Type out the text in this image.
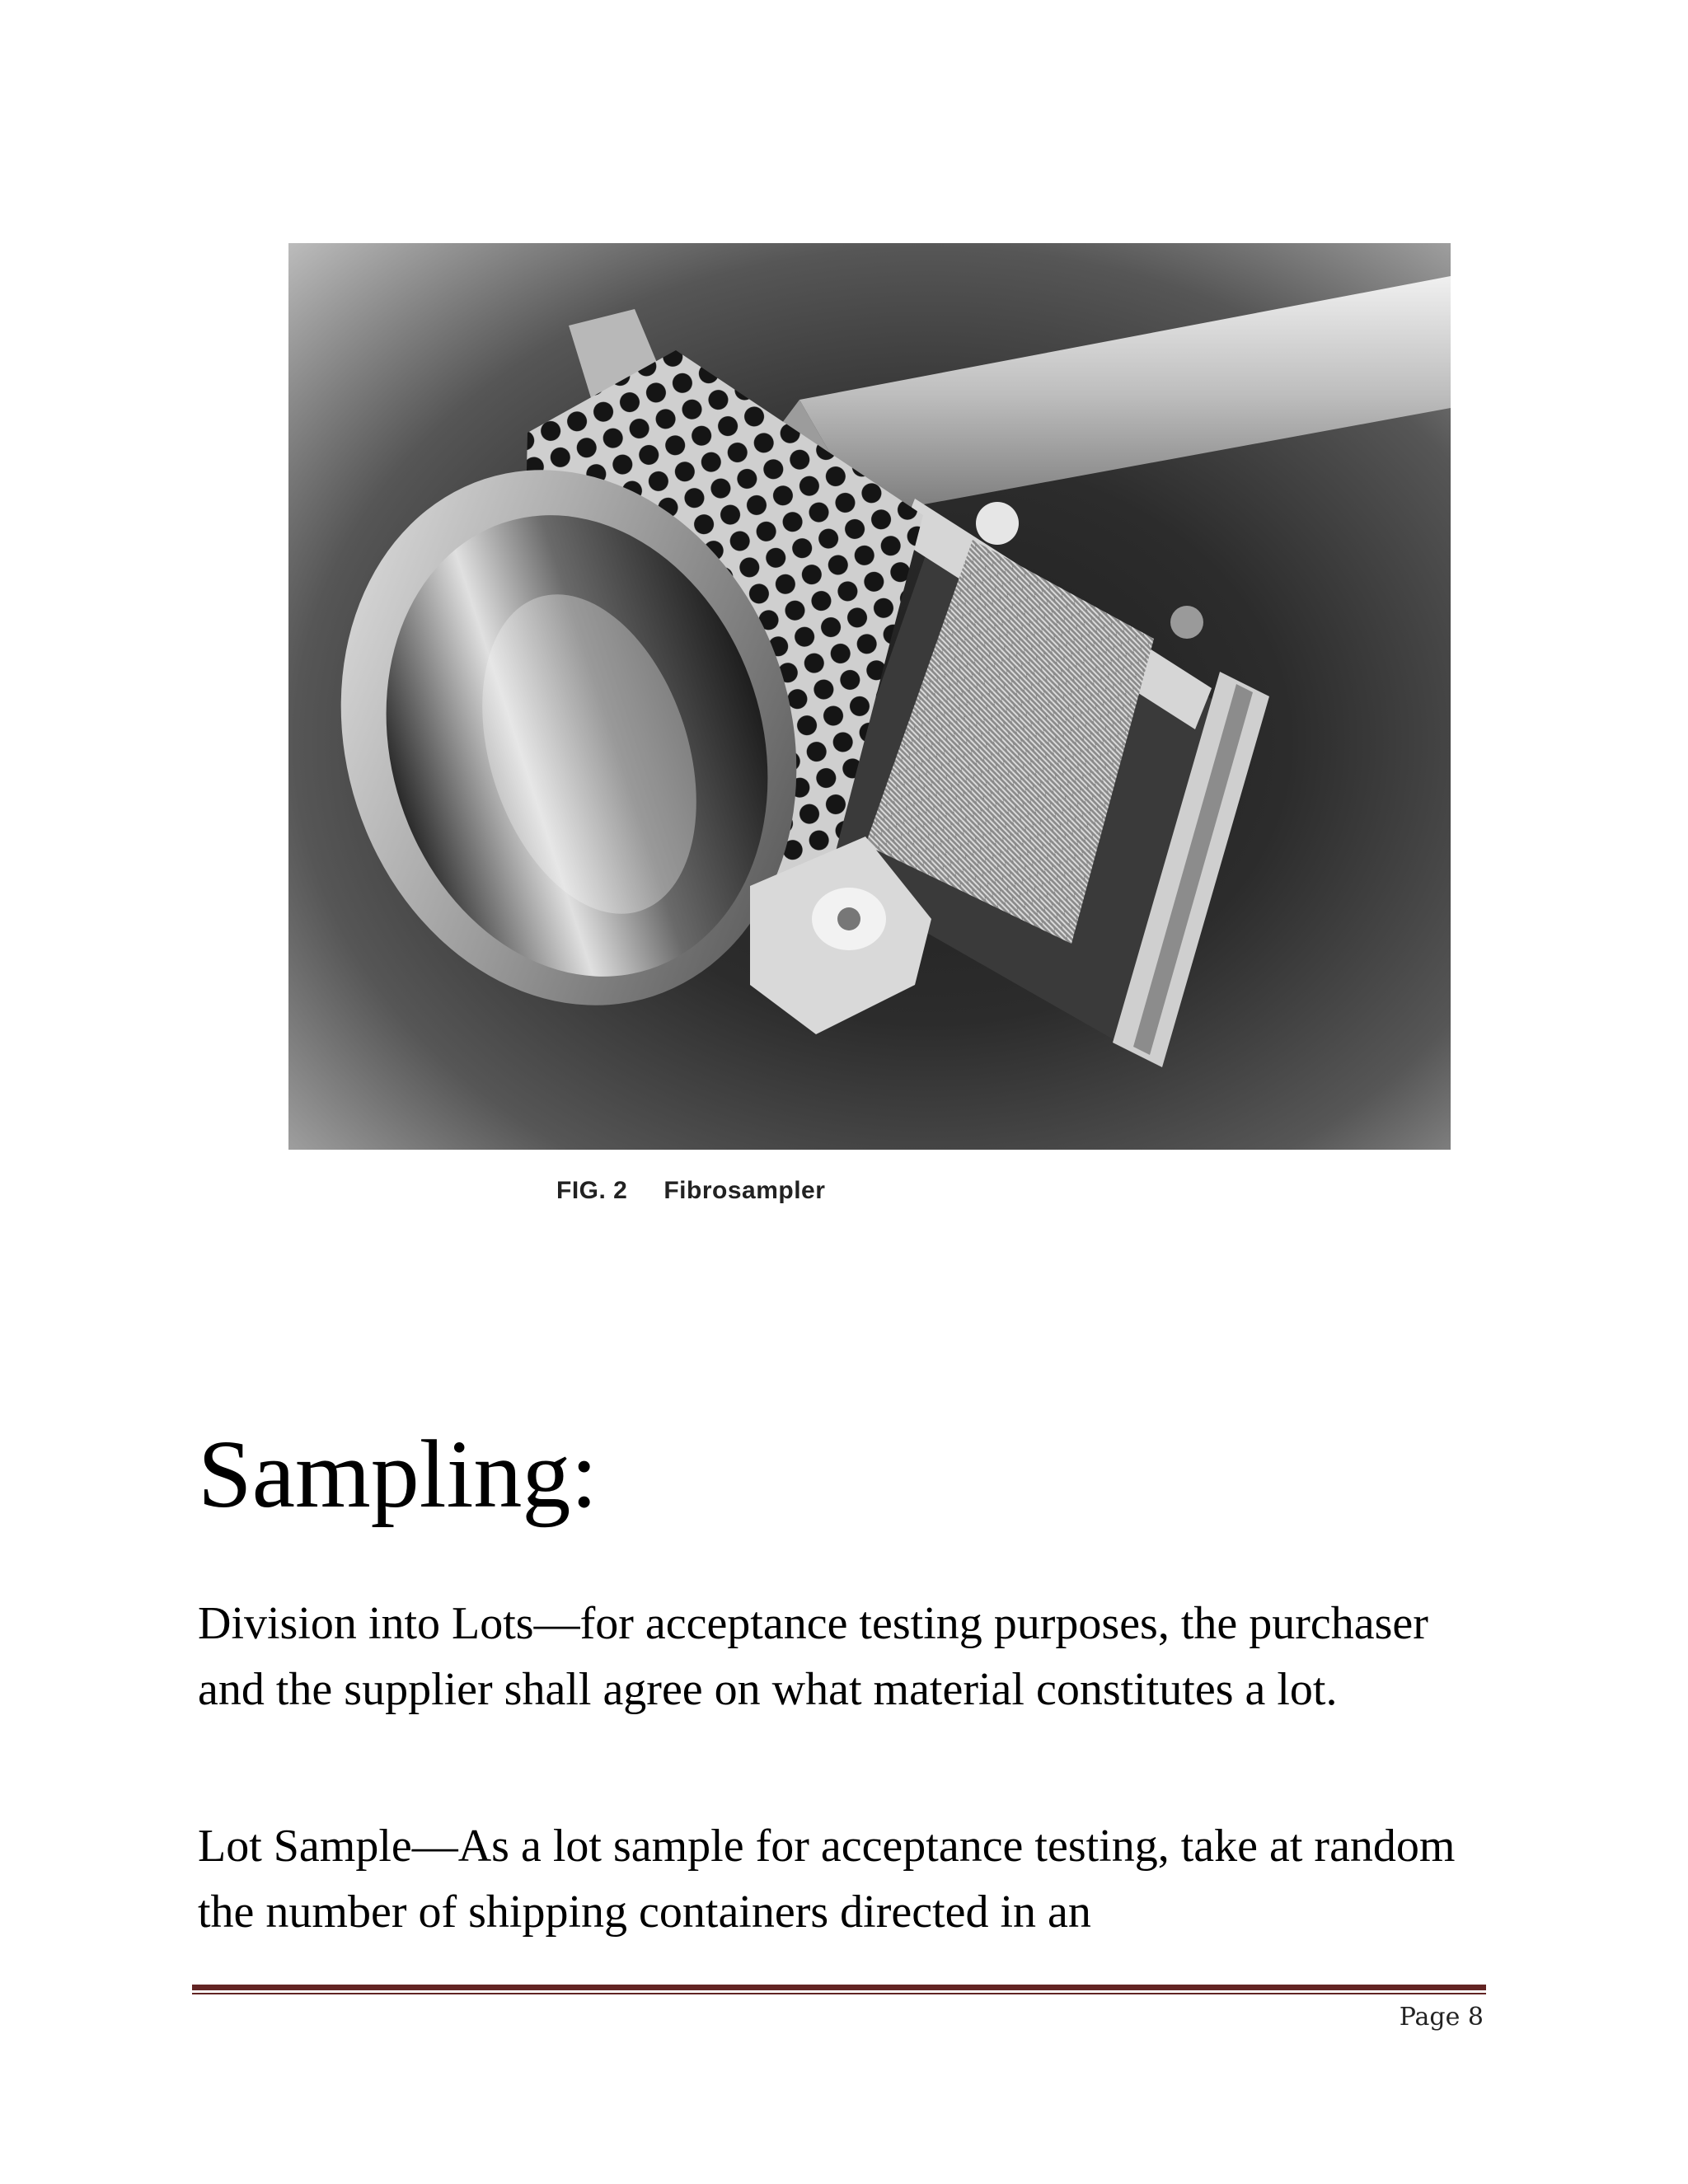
FIG. 2 Fibrosampler
Sampling:

Division into Lots—for acceptance testing purposes, the purchaser and the supplier shall agree on what material constitutes a lot.

Lot Sample—As a lot sample for acceptance testing, take at random the number of shipping containers directed in an

Page 8
